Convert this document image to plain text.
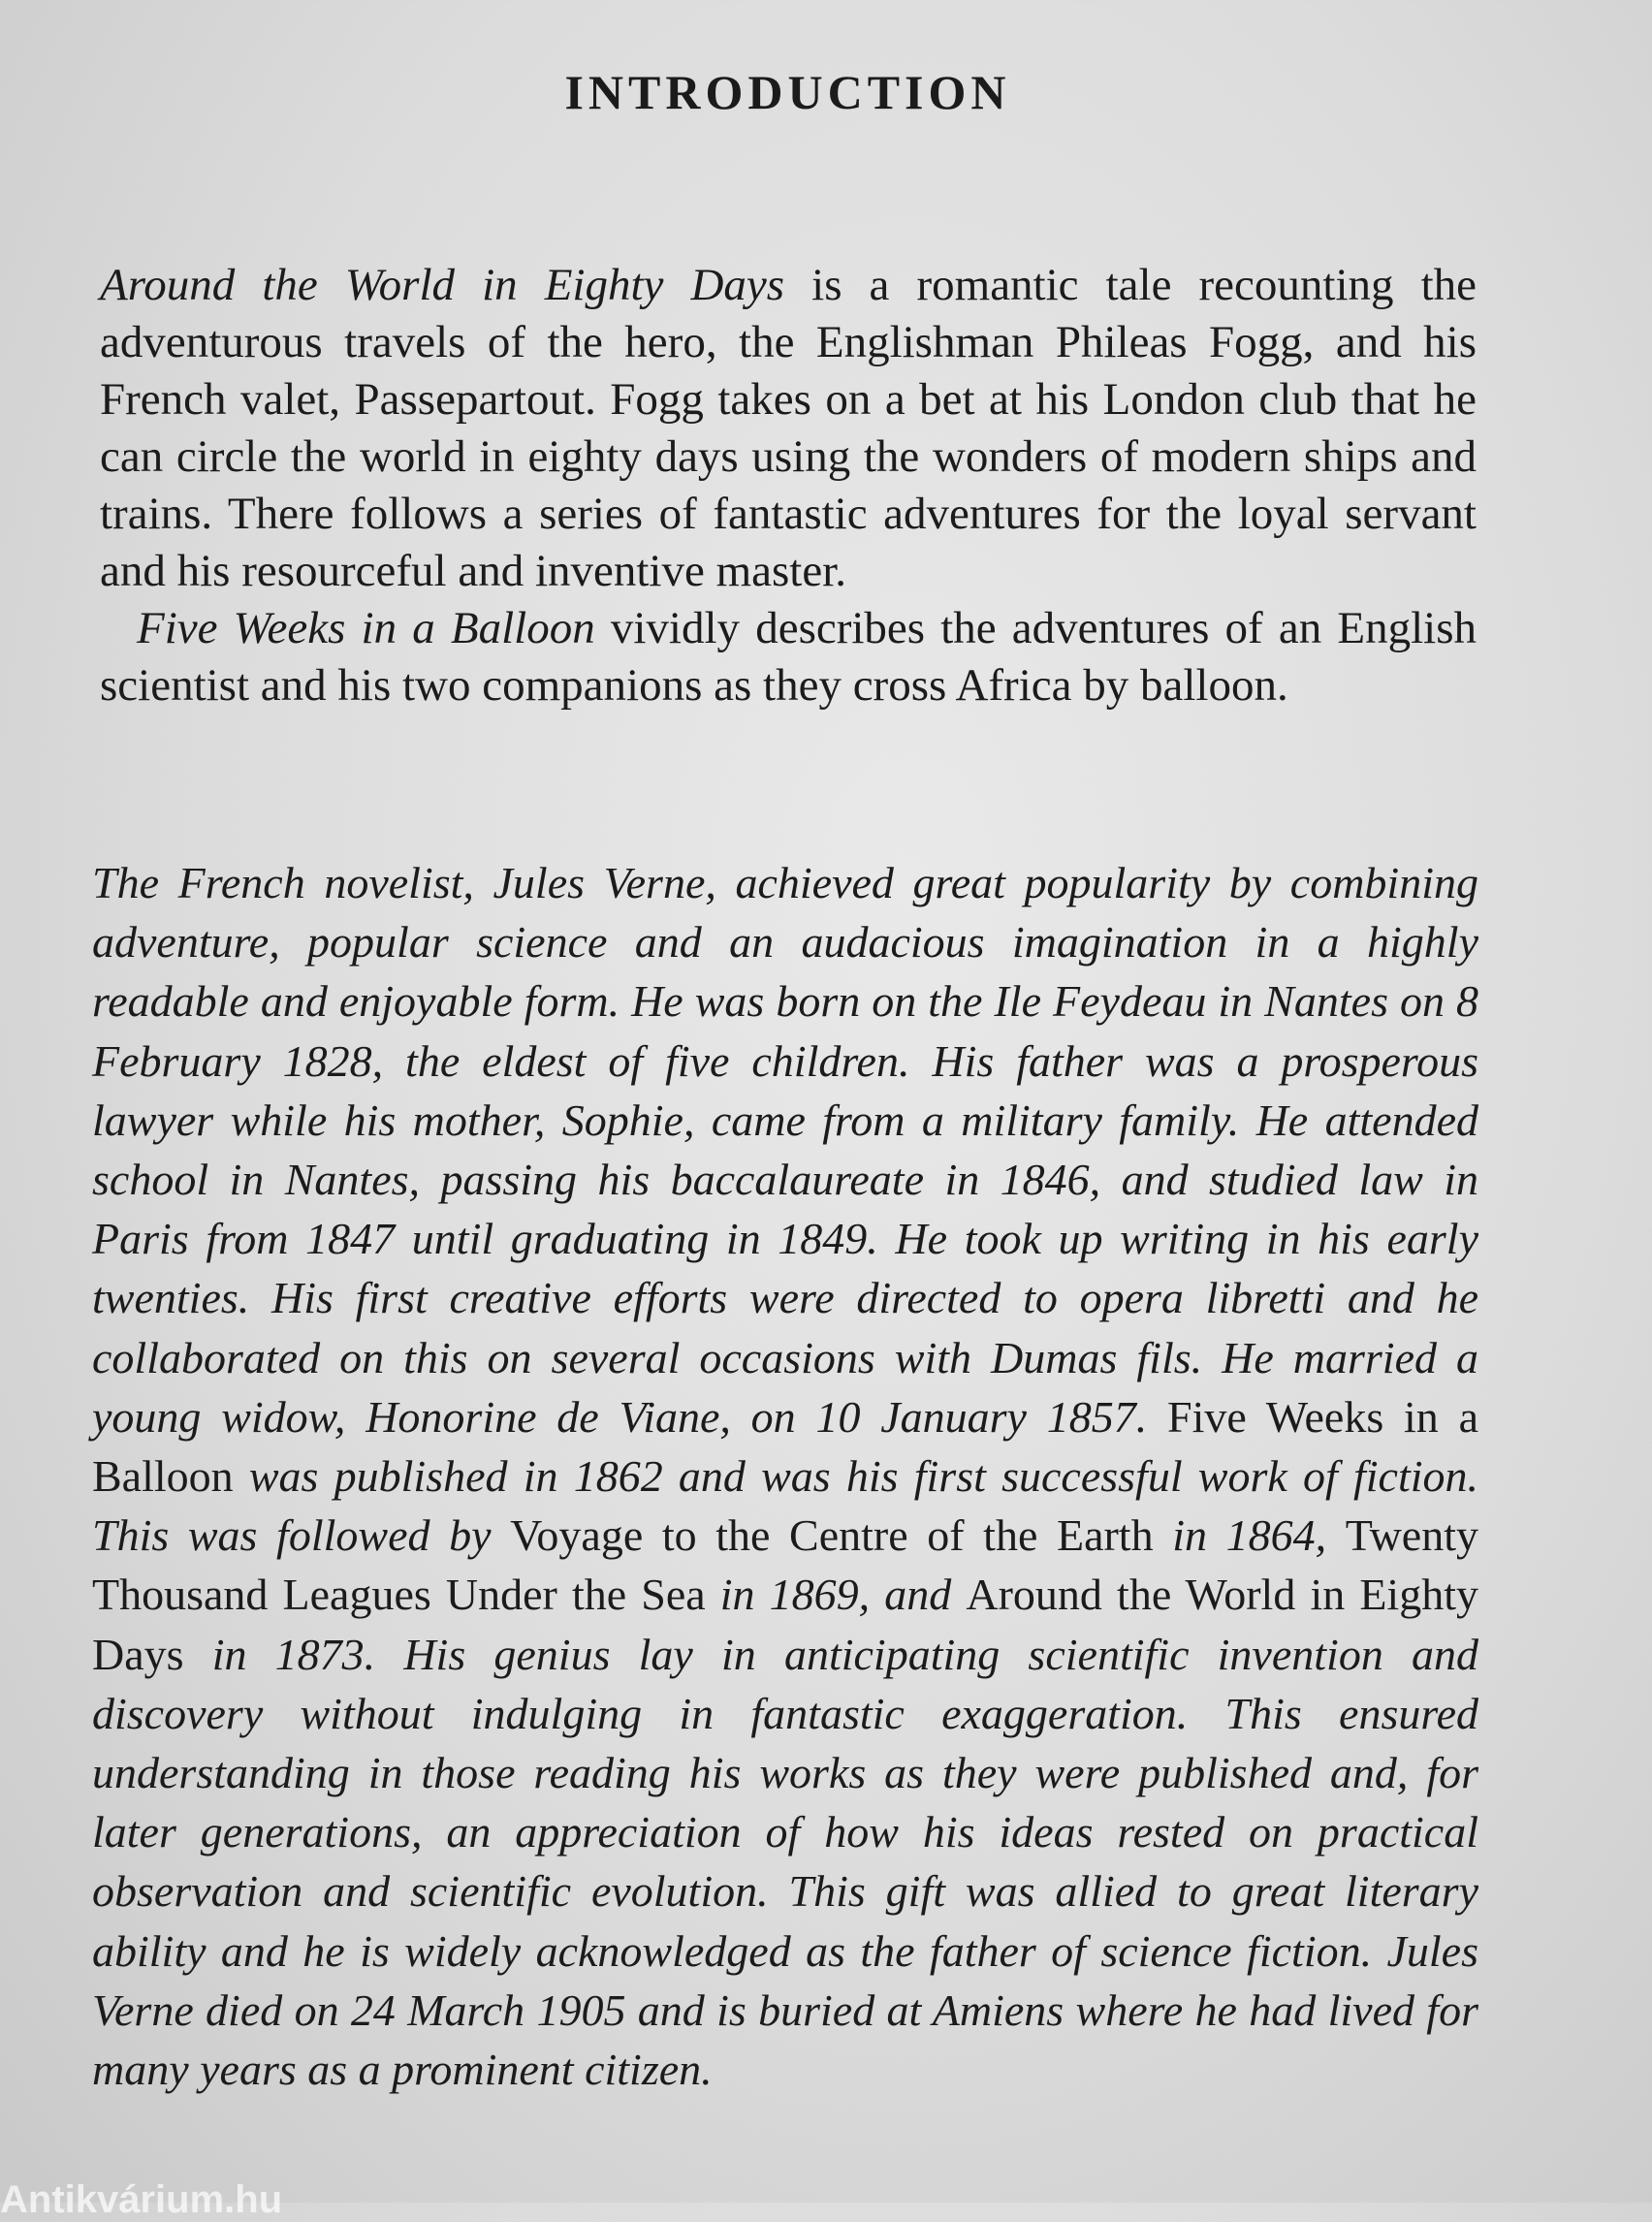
INTRODUCTION

Around the World in Eighty Days is a romantic tale recounting the adventurous travels of the hero, the Englishman Phileas Fogg, and his French valet, Passepartout. Fogg takes on a bet at his London club that he can circle the world in eighty days using the wonders of modern ships and trains. There follows a series of fantastic adventures for the loyal servant and his resourceful and inventive master.

Five Weeks in a Balloon vividly describes the adventures of an English scientist and his two companions as they cross Africa by balloon.

The French novelist, Jules Verne, achieved great popularity by combining adventure, popular science and an audacious imagination in a highly readable and enjoyable form. He was born on the Ile Feydeau in Nantes on 8 February 1828, the eldest of five children. His father was a prosperous lawyer while his mother, Sophie, came from a military family. He attended school in Nantes, passing his baccalaureate in 1846, and studied law in Paris from 1847 until graduating in 1849. He took up writing in his early twenties. His first creative efforts were directed to opera libretti and he collaborated on this on several occasions with Dumas fils. He married a young widow, Honorine de Viane, on 10 January 1857. Five Weeks in a Balloon was published in 1862 and was his first successful work of fiction. This was followed by Voyage to the Centre of the Earth in 1864, Twenty Thousand Leagues Under the Sea in 1869, and Around the World in Eighty Days in 1873. His genius lay in anticipating scientific invention and discovery without indulging in fantastic exaggeration. This ensured understanding in those reading his works as they were published and, for later generations, an appreciation of how his ideas rested on practical observation and scientific evolution. This gift was allied to great literary ability and he is widely acknowledged as the father of science fiction. Jules Verne died on 24 March 1905 and is buried at Amiens where he had lived for many years as a prominent citizen.

Antikvárium.hu
